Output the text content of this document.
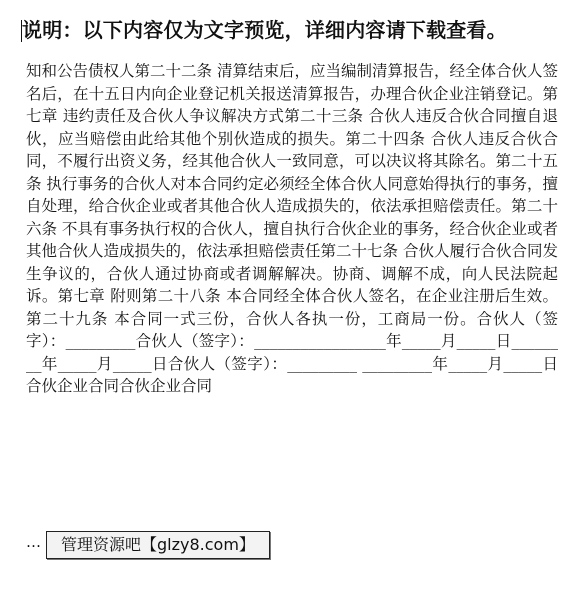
说明：以下内容仅为文字预览，详细内容请下载查看。
知和公告债权人第二十二条 清算结束后，应当编制清算报告，经全体合伙人签名后，在十五日内向企业登记机关报送清算报告，办理合伙企业注销登记。第七章 违约责任及合伙人争议解决方式第二十三条 合伙人违反合伙合同擅自退伙，应当赔偿由此给其他个别伙造成的损失。第二十四条 合伙人违反合伙合同，不履行出资义务，经其他合伙人一致同意，可以决议将其除名。第二十五条 执行事务的合伙人对本合同约定必须经全体合伙人同意始得执行的事务，擅自处理，给合伙企业或者其他合伙人造成损失的，依法承担赔偿责任。第二十六条 不具有事务执行权的合伙人，擅自执行合伙企业的事务，经合伙企业或者其他合伙人造成损失的，依法承担赔偿责任第二十七条 合伙人履行合伙合同发生争议的，合伙人通过协商或者调解解决。协商、调解不成，向人民法院起诉。第七章 附则第二十八条 本合同经全体合伙人签名，在企业注册后生效。第二十九条 本合同一式三份，合伙人各执一份，工商局一份。合伙人（签字）：_________合伙人（签字）：_________________年_____月_____日________年_____月_____日合伙人（签字）：_________ _________年_____月_____日合伙企业合同合伙企业合同
…	管理资源吧【glzy8.com】
